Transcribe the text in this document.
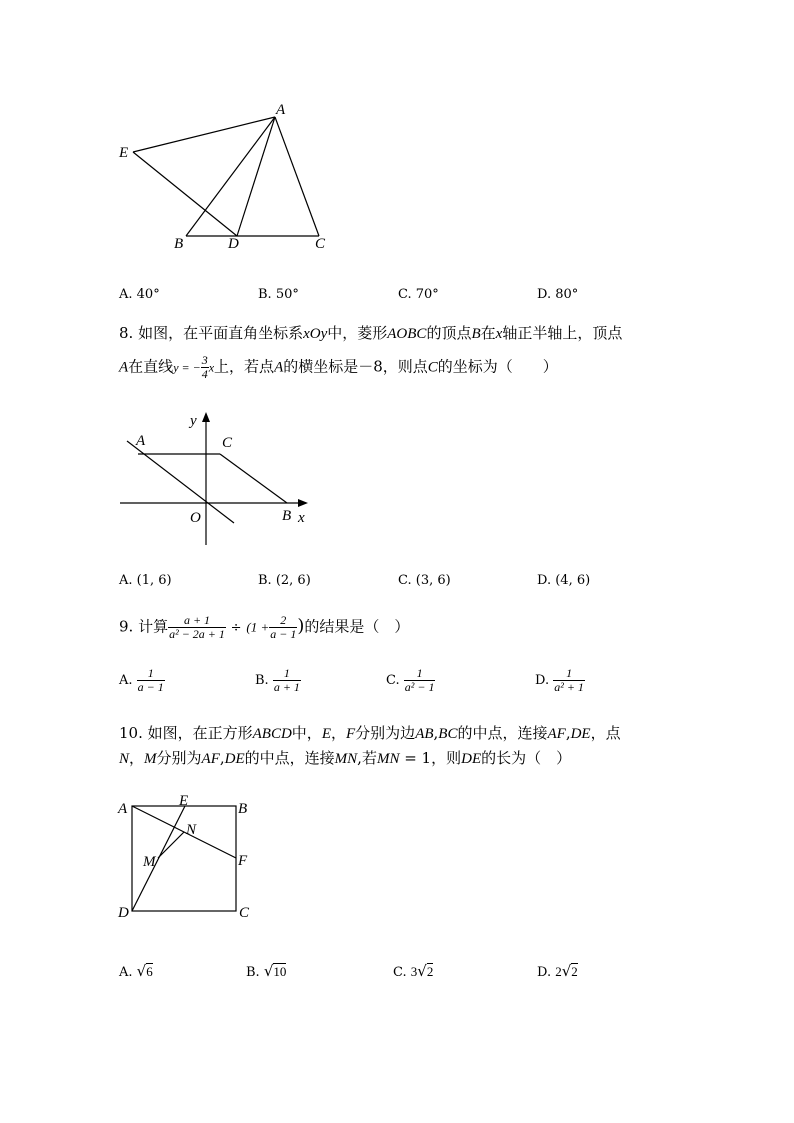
A
E
B	D	C
A. 40°	B. 50°	C. 70°	D. 80°
8. 如图，在平面直角坐标系xOy中，菱形AOBC的顶点B在x轴正半轴上，顶点
A在直线y = − $\frac{3}{4}$ x上，若点A的横坐标是－8，则点C的坐标为（　　）
y
A	C
O	B x
A. (1, 6)	B. (2, 6)	C. (3, 6)	D. (4, 6)
9. 计算 $\frac{a + 1}{\text{a² − 2a + 1}} \div (1 + \frac{2}{a - 1}$ )的结果是（　）
A. $\frac{1}{a - 1}$	B. $\frac{1}{a + 1}$	C. $\frac{1}{\text{a² − 1}}$	D. $\frac{1}{\text{a² + 1}}$
10. 如图，在正方形ABCD中，E，F分别为边AB,BC的中点，连接AF,DE，点
N，M分别为AF,DE的中点，连接MN,若MN = 1，则DE的长为（　）
A	E	B
N
M	F
D	C
A. √6	B. √10	C. 3√2	D. 2√2
